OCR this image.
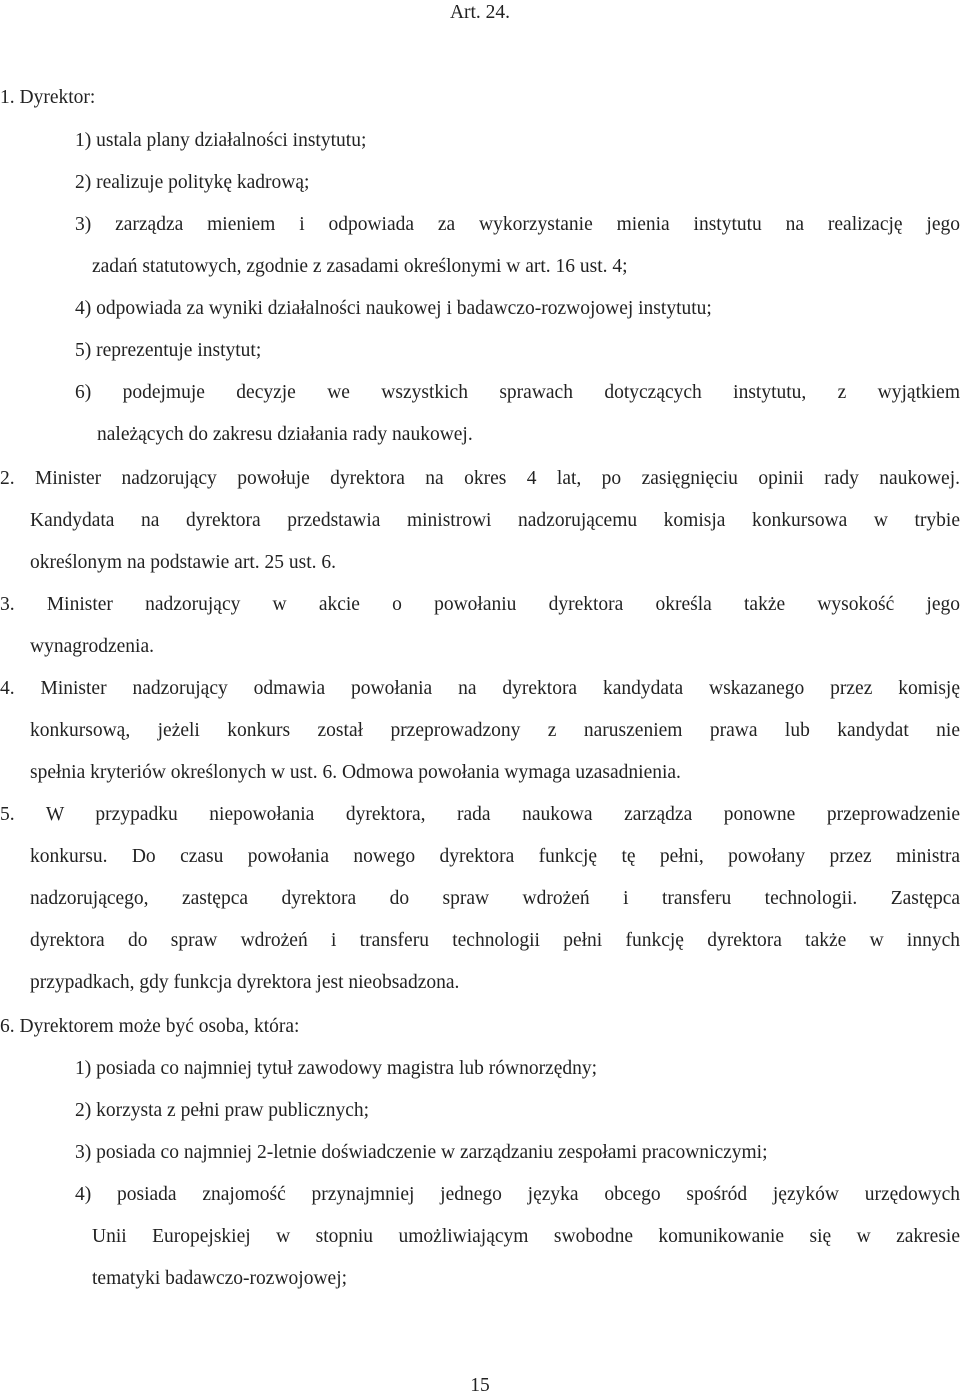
Art. 24.
1. Dyrektor:
1) ustala plany działalności instytutu;
2) realizuje politykę kadrową;
3) zarządza mieniem i odpowiada za wykorzystanie mienia instytutu na realizację jego
zadań statutowych, zgodnie z zasadami określonymi w art. 16 ust. 4;
4) odpowiada za wyniki działalności naukowej i badawczo-rozwojowej instytutu;
5) reprezentuje instytut;
6) podejmuje decyzje we wszystkich sprawach dotyczących instytutu, z wyjątkiem
należących do zakresu działania rady naukowej.
2. Minister nadzorujący powołuje dyrektora na okres 4 lat, po zasięgnięciu opinii rady naukowej.
Kandydata na dyrektora przedstawia ministrowi nadzorującemu komisja konkursowa w trybie
określonym na podstawie art. 25 ust. 6.
3. Minister nadzorujący w akcie o powołaniu dyrektora określa także wysokość jego
wynagrodzenia.
4. Minister nadzorujący odmawia powołania na dyrektora kandydata wskazanego przez komisję
konkursową, jeżeli konkurs został przeprowadzony z naruszeniem prawa lub kandydat nie
spełnia kryteriów określonych w ust. 6. Odmowa powołania wymaga uzasadnienia.
5. W przypadku niepowołania dyrektora, rada naukowa zarządza ponowne przeprowadzenie
konkursu. Do czasu powołania nowego dyrektora funkcję tę pełni, powołany przez ministra
nadzorującego, zastępca dyrektora do spraw wdrożeń i transferu technologii. Zastępca
dyrektora do spraw wdrożeń i transferu technologii pełni funkcję dyrektora także w innych
przypadkach, gdy funkcja dyrektora jest nieobsadzona.
6. Dyrektorem może być osoba, która:
1) posiada co najmniej tytuł zawodowy magistra lub równorzędny;
2) korzysta z pełni praw publicznych;
3) posiada co najmniej 2-letnie doświadczenie w zarządzaniu zespołami pracowniczymi;
4) posiada znajomość przynajmniej jednego języka obcego spośród języków urzędowych
Unii Europejskiej w stopniu umożliwiającym swobodne komunikowanie się w zakresie
tematyki badawczo-rozwojowej;
15
